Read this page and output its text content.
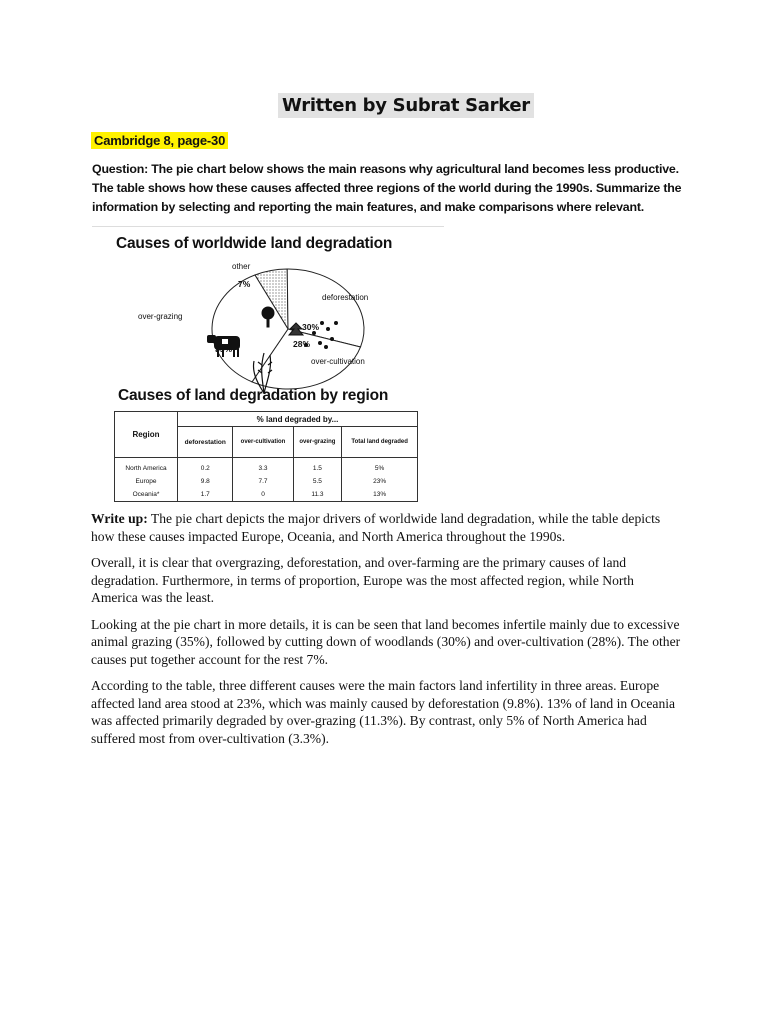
Written by Subrat Sarker
Cambridge 8, page-30
Question: The pie chart below shows the main reasons why agricultural land becomes less productive. The table shows how these causes affected three regions of the world during the 1990s. Summarize the information by selecting and reporting the main features, and make comparisons where relevant.
Causes of worldwide land degradation
other
deforestation
over-cultivation
over-grazing
7%
30%
28%
35%
Causes of land degradation by region
Region	% land degraded by...			
	deforestation	over-cultivation	over-grazing	Total land degraded
North America	0.2	3.3	1.5	5%
Europe	9.8	7.7	5.5	23%
Oceania*	1.7	0	11.3	13%

Write up: The pie chart depicts the major drivers of worldwide land degradation, while the table depicts how these causes impacted Europe, Oceania, and North America throughout the 1990s.

Overall, it is clear that overgrazing, deforestation, and over-farming are the primary causes of land degradation. Furthermore, in terms of proportion, Europe was the most affected region, while North America was the least.

Looking at the pie chart in more details, it is can be seen that land becomes infertile mainly due to excessive animal grazing (35%), followed by cutting down of woodlands (30%) and over-cultivation (28%). The other causes put together account for the rest 7%.

According to the table, three different causes were the main factors land infertility in three areas. Europe affected land area stood at 23%, which was mainly caused by deforestation (9.8%). 13% of land in Oceania was affected primarily degraded by over-grazing (11.3%). By contrast, only 5% of North America had suffered most from over-cultivation (3.3%).
